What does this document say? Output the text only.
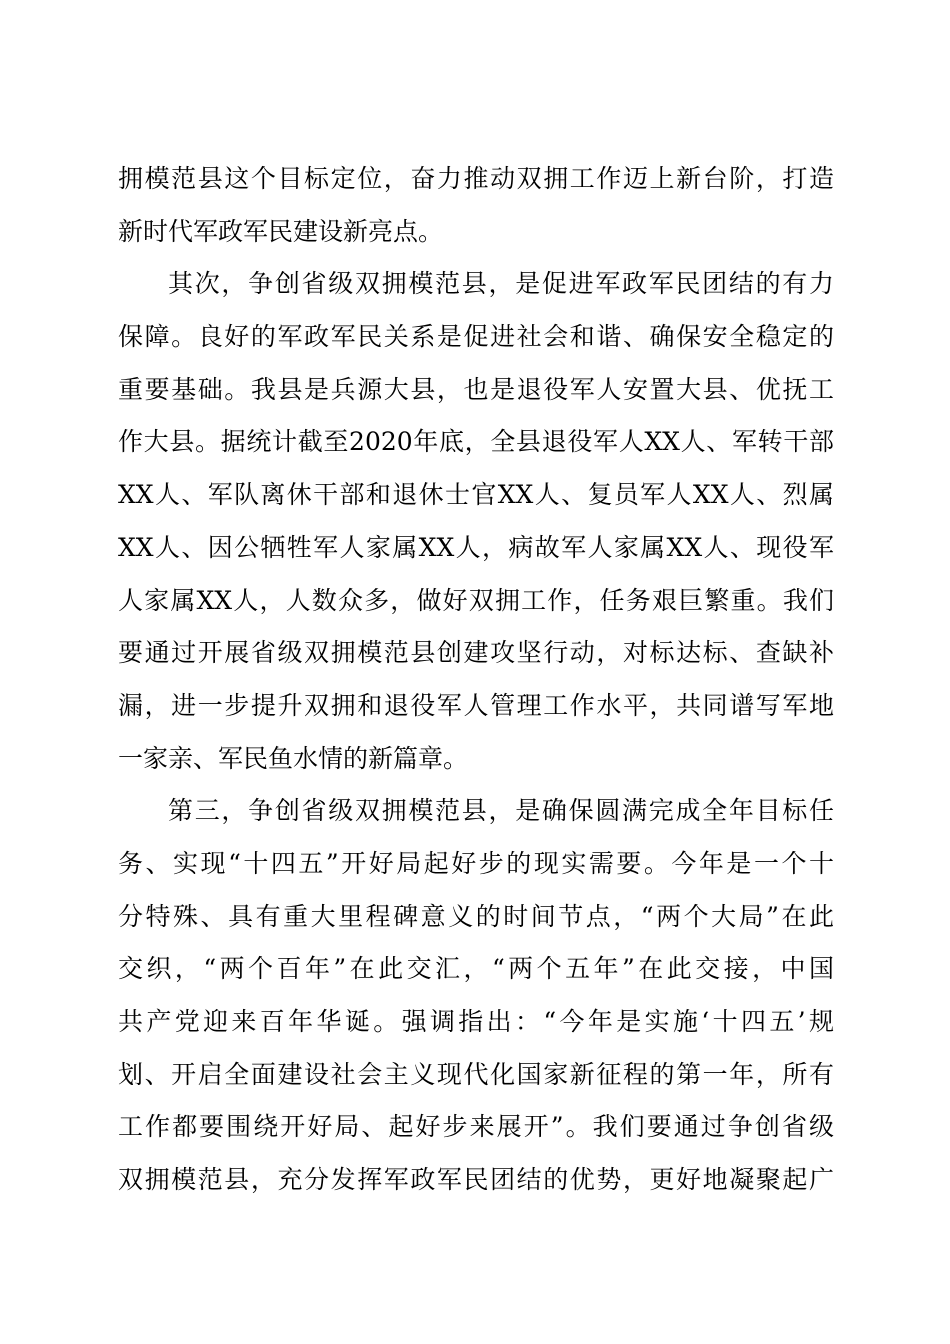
拥模范县这个目标定位，奋力推动双拥工作迈上新台阶，打造
新时代军政军民建设新亮点。
其次，争创省级双拥模范县，是促进军政军民团结的有力
保障。良好的军政军民关系是促进社会和谐、确保安全稳定的
重要基础。我县是兵源大县，也是退役军人安置大县、优抚工
作大县。据统计截至2020年底，全县退役军人XX人、军转干部
XX人、军队离休干部和退休士官XX人、复员军人XX人、烈属
XX人、因公牺牲军人家属XX人，病故军人家属XX人、现役军
人家属XX人，人数众多，做好双拥工作，任务艰巨繁重。我们
要通过开展省级双拥模范县创建攻坚行动，对标达标、查缺补
漏，进一步提升双拥和退役军人管理工作水平，共同谱写军地
一家亲、军民鱼水情的新篇章。
第三，争创省级双拥模范县，是确保圆满完成全年目标任
务、实现“十四五”开好局起好步的现实需要。今年是一个十
分特殊、具有重大里程碑意义的时间节点，“两个大局”在此
交织，“两个百年”在此交汇，“两个五年”在此交接，中国
共产党迎来百年华诞。强调指出：“今年是实施‘十四五’规
划、开启全面建设社会主义现代化国家新征程的第一年，所有
工作都要围绕开好局、起好步来展开”。我们要通过争创省级
双拥模范县，充分发挥军政军民团结的优势，更好地凝聚起广
